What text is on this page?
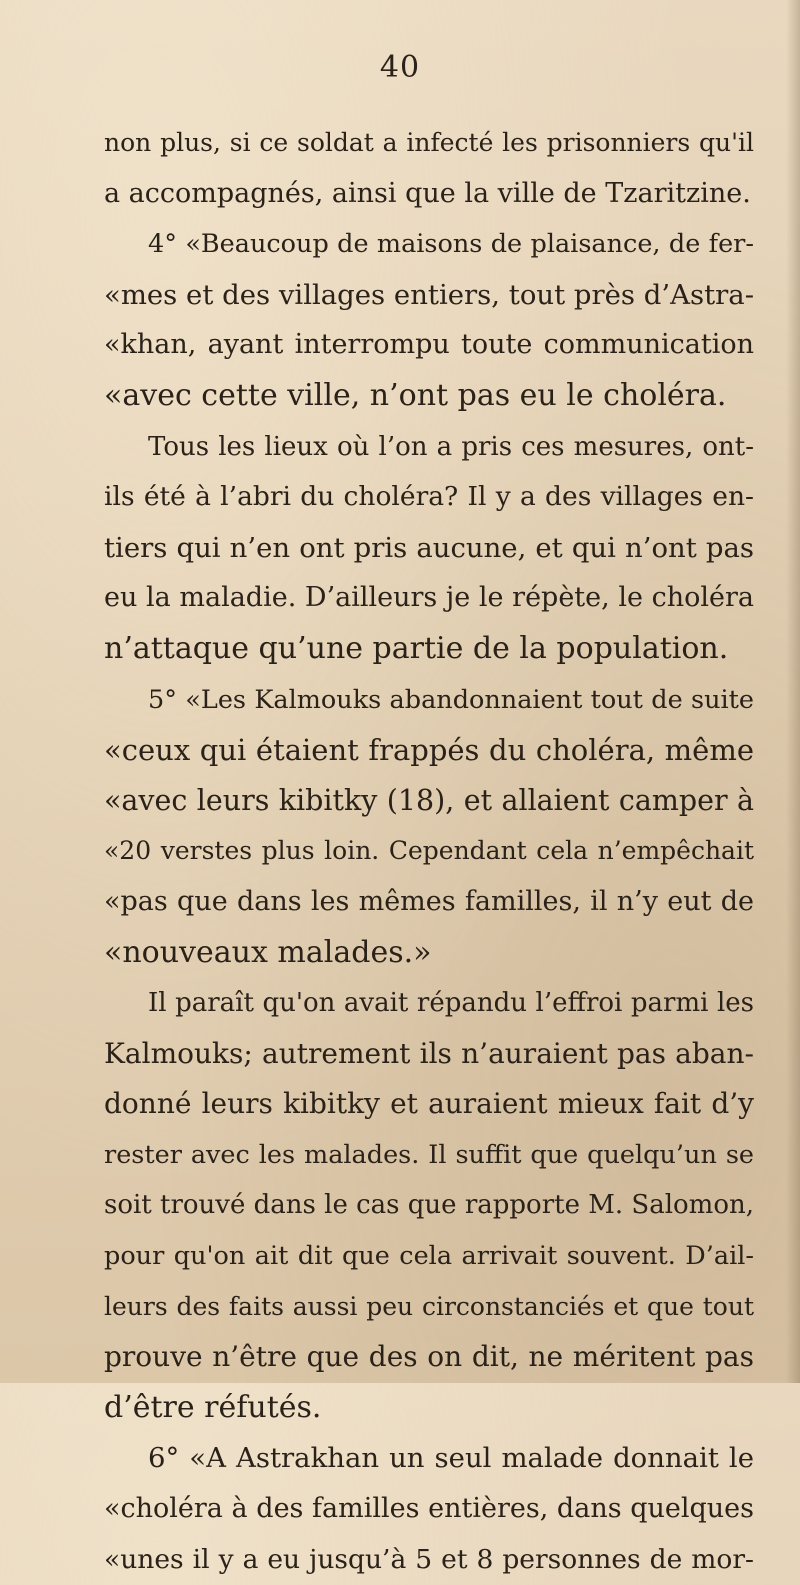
40
non plus, si ce soldat a infecté les prisonniers qu'il
a accompagnés, ainsi que la ville de Tzaritzine.
4° «Beaucoup de maisons de plaisance, de fer-
«mes et des villages entiers, tout près d’Astra-
«khan, ayant interrompu toute communication
«avec cette ville, n’ont pas eu le choléra.
Tous les lieux où l’on a pris ces mesures, ont-
ils été à l’abri du choléra? Il y a des villages en-
tiers qui n’en ont pris aucune, et qui n’ont pas
eu la maladie. D’ailleurs je le répète, le choléra
n’attaque qu’une partie de la population.
5° «Les Kalmouks abandonnaient tout de suite
«ceux qui étaient frappés du choléra, même
«avec leurs kibitky (18), et allaient camper à
«20 verstes plus loin. Cependant cela n’empêchait
«pas que dans les mêmes familles, il n’y eut de
«nouveaux malades.»
Il paraît qu'on avait répandu l’effroi parmi les
Kalmouks; autrement ils n’auraient pas aban-
donné leurs kibitky et auraient mieux fait d’y
rester avec les malades. Il suffit que quelqu’un se
soit trouvé dans le cas que rapporte M. Salomon,
pour qu'on ait dit que cela arrivait souvent. D’ail-
leurs des faits aussi peu circonstanciés et que tout
prouve n’être que des on dit, ne méritent pas
d’être réfutés.
6° «A Astrakhan un seul malade donnait le
«choléra à des familles entières, dans quelques
«unes il y a eu jusqu’à 5 et 8 personnes de mor-
